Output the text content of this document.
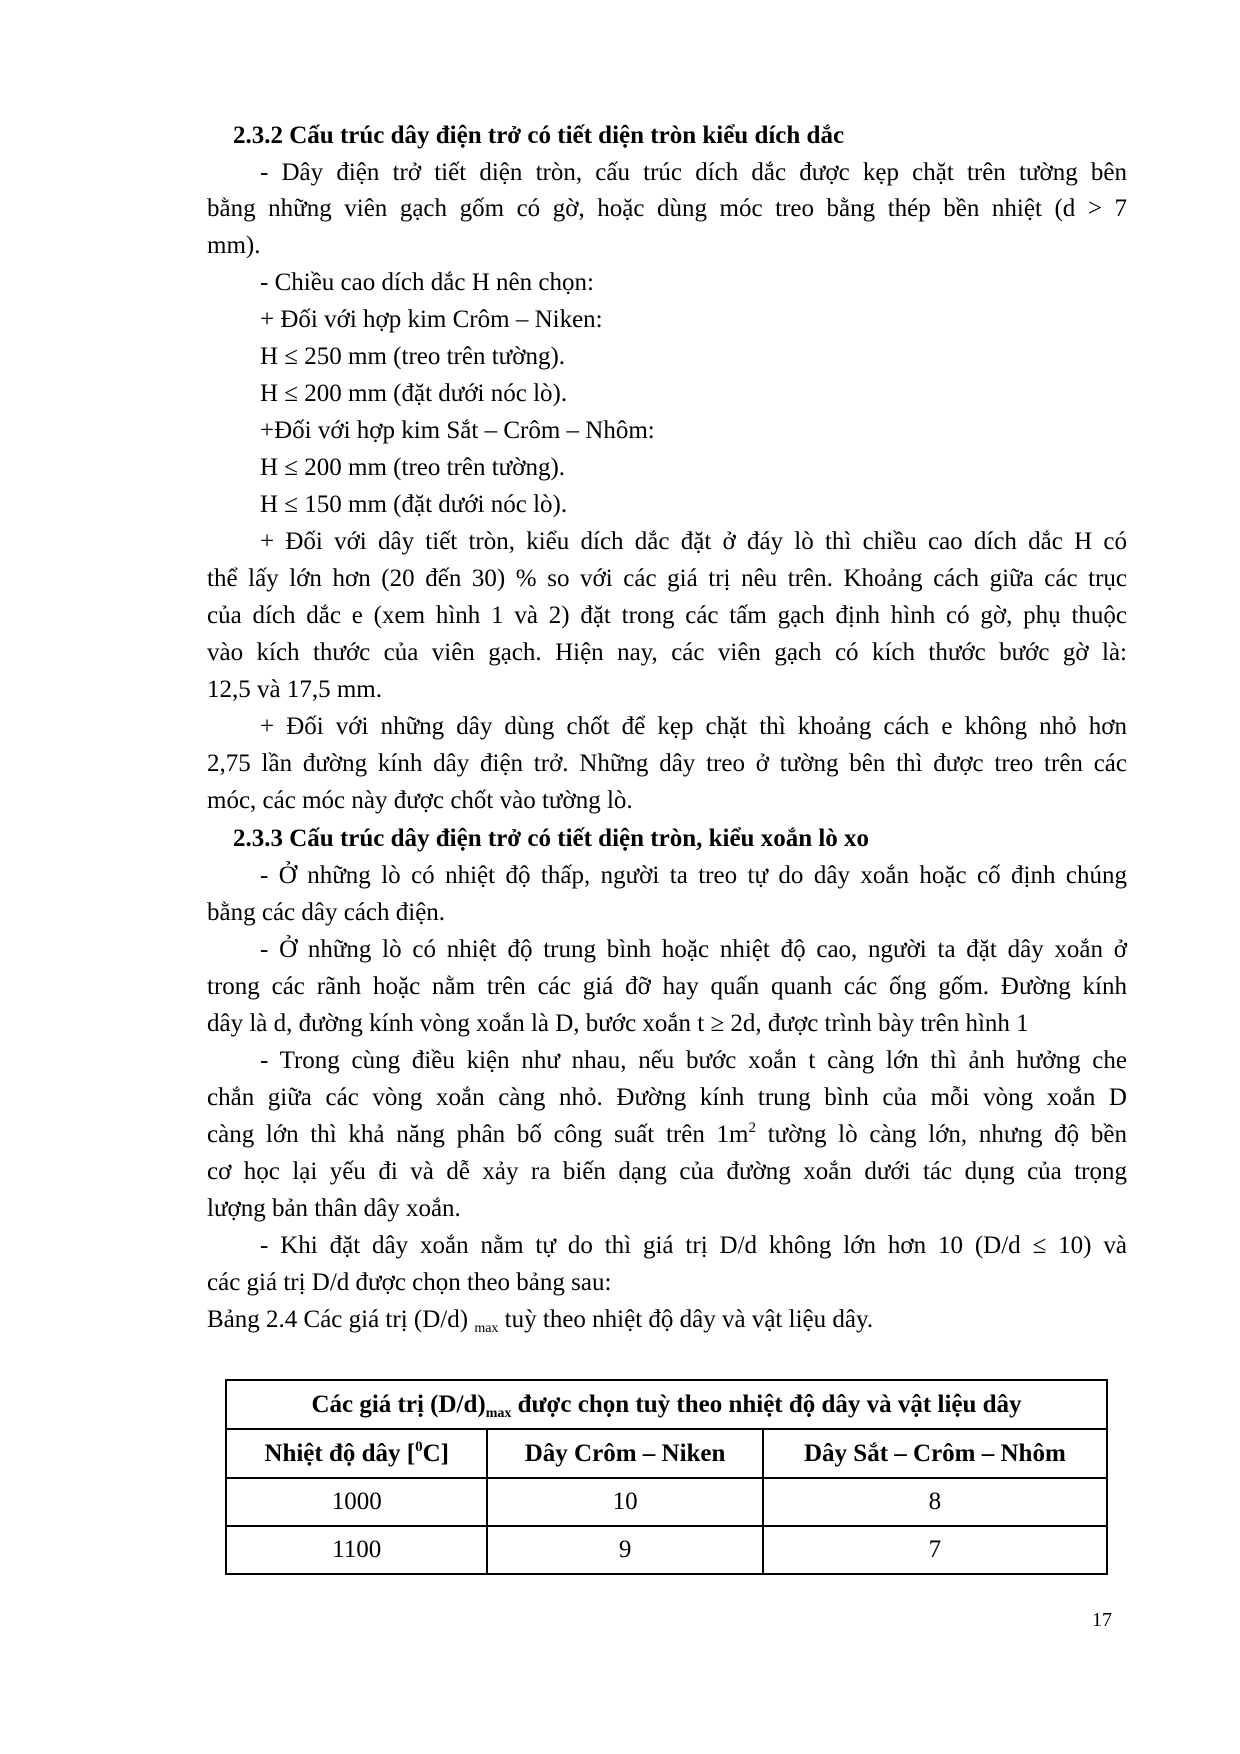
2.3.2 Cấu trúc dây điện trở có tiết diện tròn kiểu dích dắc
- Dây điện trở tiết diện tròn, cấu trúc dích dắc được kẹp chặt trên tường bên
bằng những viên gạch gốm có gờ, hoặc dùng móc treo bằng thép bền nhiệt (d > 7
mm).
- Chiều cao dích dắc H nên chọn:
+ Đối với hợp kim Crôm – Niken:
H ≤ 250 mm (treo trên tường).
H ≤ 200 mm (đặt dưới nóc lò).
+Đối với hợp kim Sắt – Crôm – Nhôm:
H ≤ 200 mm (treo trên tường).
H ≤ 150 mm (đặt dưới nóc lò).
+ Đối với dây tiết tròn, kiểu dích dắc đặt ở đáy lò thì chiều cao dích dắc H có
thể lấy lớn hơn (20 đến 30) % so với các giá trị nêu trên. Khoảng cách giữa các trục
của dích dắc e (xem hình 1 và 2) đặt trong các tấm gạch định hình có gờ, phụ thuộc
vào kích thước của viên gạch. Hiện nay, các viên gạch có kích thước bước gờ là:
12,5 và 17,5 mm.
+ Đối với những dây dùng chốt để kẹp chặt thì khoảng cách e không nhỏ hơn
2,75 lần đường kính dây điện trở. Những dây treo ở tường bên thì được treo trên các
móc, các móc này được chốt vào tường lò.
2.3.3 Cấu trúc dây điện trở có tiết diện tròn, kiểu xoắn lò xo
- Ở những lò có nhiệt độ thấp, người ta treo tự do dây xoắn hoặc cố định chúng
bằng các dây cách điện.
- Ở những lò có nhiệt độ trung bình hoặc nhiệt độ cao, người ta đặt dây xoắn ở
trong các rãnh hoặc nằm trên các giá đỡ hay quấn quanh các ống gốm. Đường kính
dây là d, đường kính vòng xoắn là D, bước xoắn t ≥ 2d, được trình bày trên hình 1
- Trong cùng điều kiện như nhau, nếu bước xoắn t càng lớn thì ảnh hưởng che
chắn giữa các vòng xoắn càng nhỏ. Đường kính trung bình của mỗi vòng xoắn D
càng lớn thì khả năng phân bố công suất trên $1m^2$ tường lò càng lớn, nhưng độ bền
cơ học lại yếu đi và dễ xảy ra biến dạng của đường xoắn dưới tác dụng của trọng
lượng bản thân dây xoắn.
- Khi đặt dây xoắn nằm tự do thì giá trị D/d không lớn hơn 10 (D/d ≤ 10) và
các giá trị D/d được chọn theo bảng sau:
Bảng 2.4 Các giá trị (D/d) $_{max}$ tuỳ theo nhiệt độ dây và vật liệu dây.
Các giá trị $(D/d)_{max}$ được chọn tuỳ theo nhiệt độ dây và vật liệu dây		
Nhiệt độ dây [$^0$C]	Dây Crôm – Niken	Dây Sắt – Crôm – Nhôm
1000	10	8
1100	9	7
17
